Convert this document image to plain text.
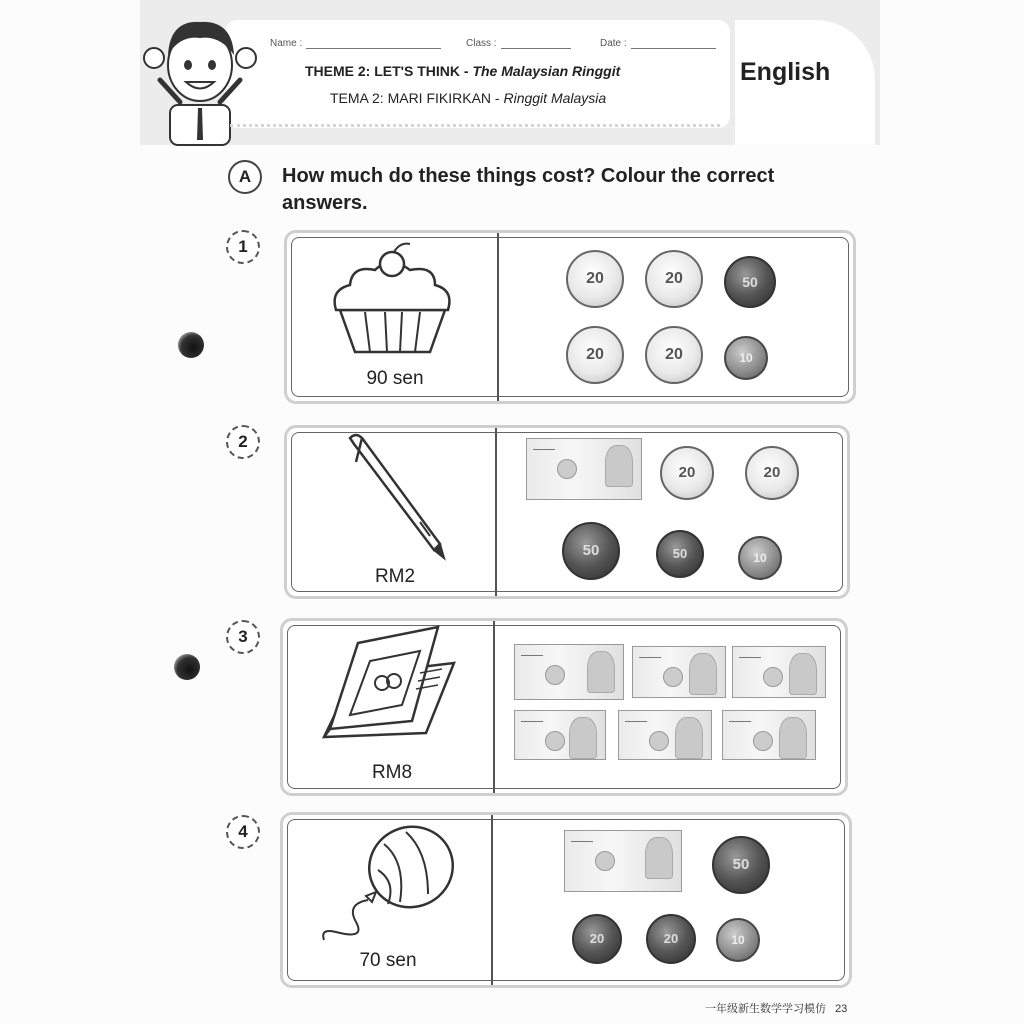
Name :	Class :	Date :
THEME 2: LET'S THINK - The Malaysian Ringgit
TEMA 2: MARI FIKIRKAN - Ringgit Malaysia
English
A	How much do these things cost? Colour the correct answers.
1
90 sen
20	20	50
20	20	10
2
RM2
20	20
50	50	10
3
RM8
4
70 sen
50
20	20	10
一年级新生数学学习模仿 23
